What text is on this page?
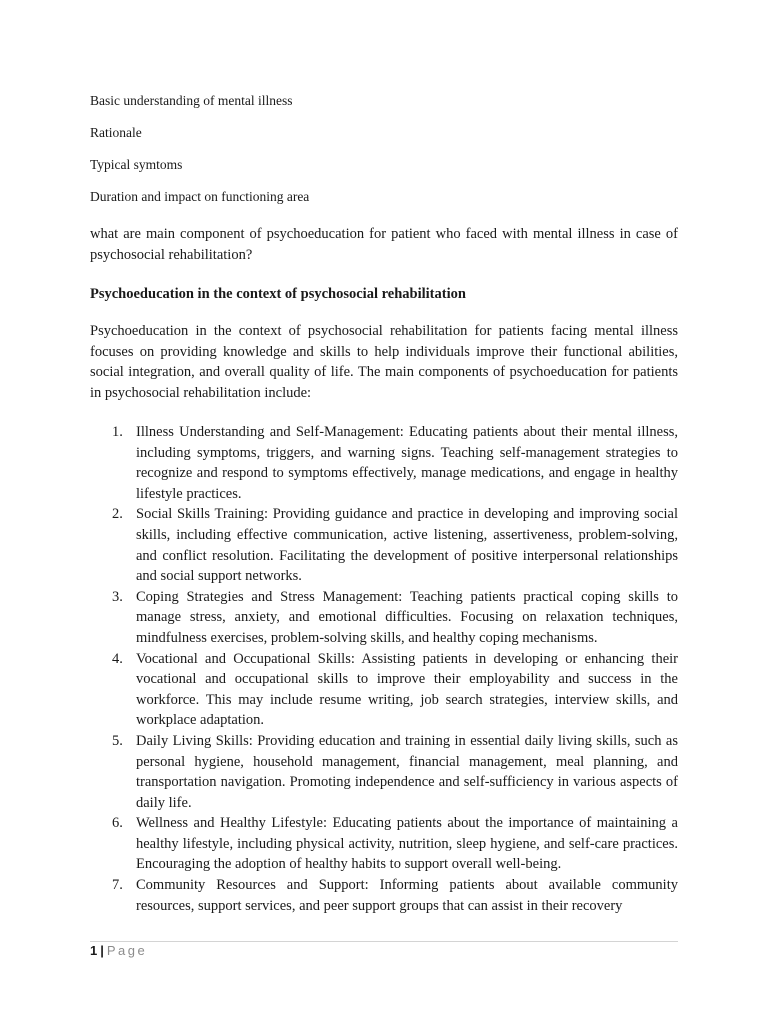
Basic understanding of mental illness

Rationale

Typical symtoms

Duration and impact on functioning area

what are main component of psychoeducation for patient who faced with mental illness in case of psychosocial rehabilitation?

Psychoeducation in the context of psychosocial rehabilitation

Psychoeducation in the context of psychosocial rehabilitation for patients facing mental illness focuses on providing knowledge and skills to help individuals improve their functional abilities, social integration, and overall quality of life. The main components of psychoeducation for patients in psychosocial rehabilitation include:

1. Illness Understanding and Self-Management: Educating patients about their mental illness, including symptoms, triggers, and warning signs. Teaching self-management strategies to recognize and respond to symptoms effectively, manage medications, and engage in healthy lifestyle practices.
2. Social Skills Training: Providing guidance and practice in developing and improving social skills, including effective communication, active listening, assertiveness, problem-solving, and conflict resolution. Facilitating the development of positive interpersonal relationships and social support networks.
3. Coping Strategies and Stress Management: Teaching patients practical coping skills to manage stress, anxiety, and emotional difficulties. Focusing on relaxation techniques, mindfulness exercises, problem-solving skills, and healthy coping mechanisms.
4. Vocational and Occupational Skills: Assisting patients in developing or enhancing their vocational and occupational skills to improve their employability and success in the workforce. This may include resume writing, job search strategies, interview skills, and workplace adaptation.
5. Daily Living Skills: Providing education and training in essential daily living skills, such as personal hygiene, household management, financial management, meal planning, and transportation navigation. Promoting independence and self-sufficiency in various aspects of daily life.
6. Wellness and Healthy Lifestyle: Educating patients about the importance of maintaining a healthy lifestyle, including physical activity, nutrition, sleep hygiene, and self-care practices. Encouraging the adoption of healthy habits to support overall well-being.
7. Community Resources and Support: Informing patients about available community resources, support services, and peer support groups that can assist in their recovery
1 | Page
